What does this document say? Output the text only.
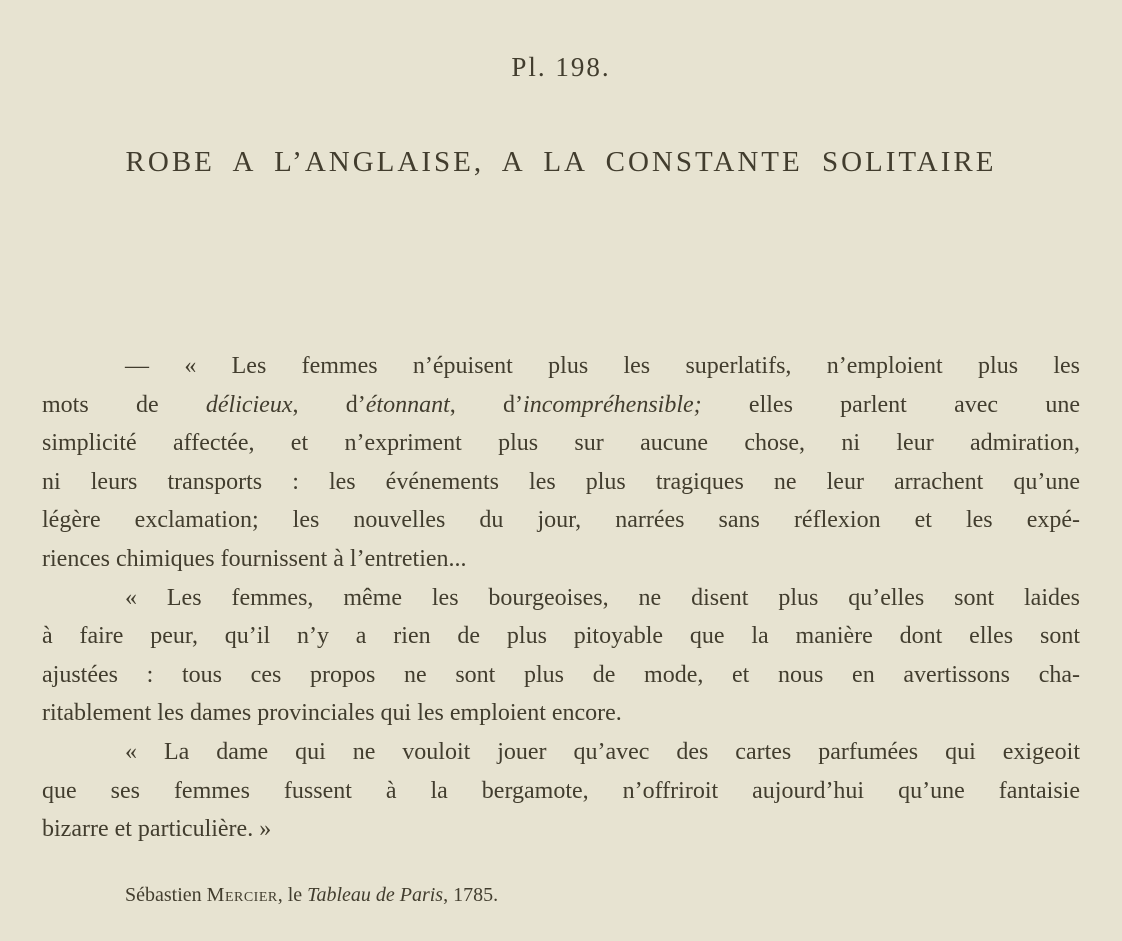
Pl. 198.
ROBE A L’ANGLAISE, A LA CONSTANTE SOLITAIRE
— « Les femmes n’épuisent plus les superlatifs, n’emploient plus les
mots de délicieux, d’étonnant, d’incompréhensible; elles parlent avec une
simplicité affectée, et n’expriment plus sur aucune chose, ni leur admiration,
ni leurs transports : les événements les plus tragiques ne leur arrachent qu’une
légère exclamation; les nouvelles du jour, narrées sans réflexion et les expé-
riences chimiques fournissent à l’entretien...
« Les femmes, même les bourgeoises, ne disent plus qu’elles sont laides
à faire peur, qu’il n’y a rien de plus pitoyable que la manière dont elles sont
ajustées : tous ces propos ne sont plus de mode, et nous en avertissons cha-
ritablement les dames provinciales qui les emploient encore.
« La dame qui ne vouloit jouer qu’avec des cartes parfumées qui exigeoit
que ses femmes fussent à la bergamote, n’offriroit aujourd’hui qu’une fantaisie
bizarre et particulière. »
Sébastien Mercier, le Tableau de Paris, 1785.
